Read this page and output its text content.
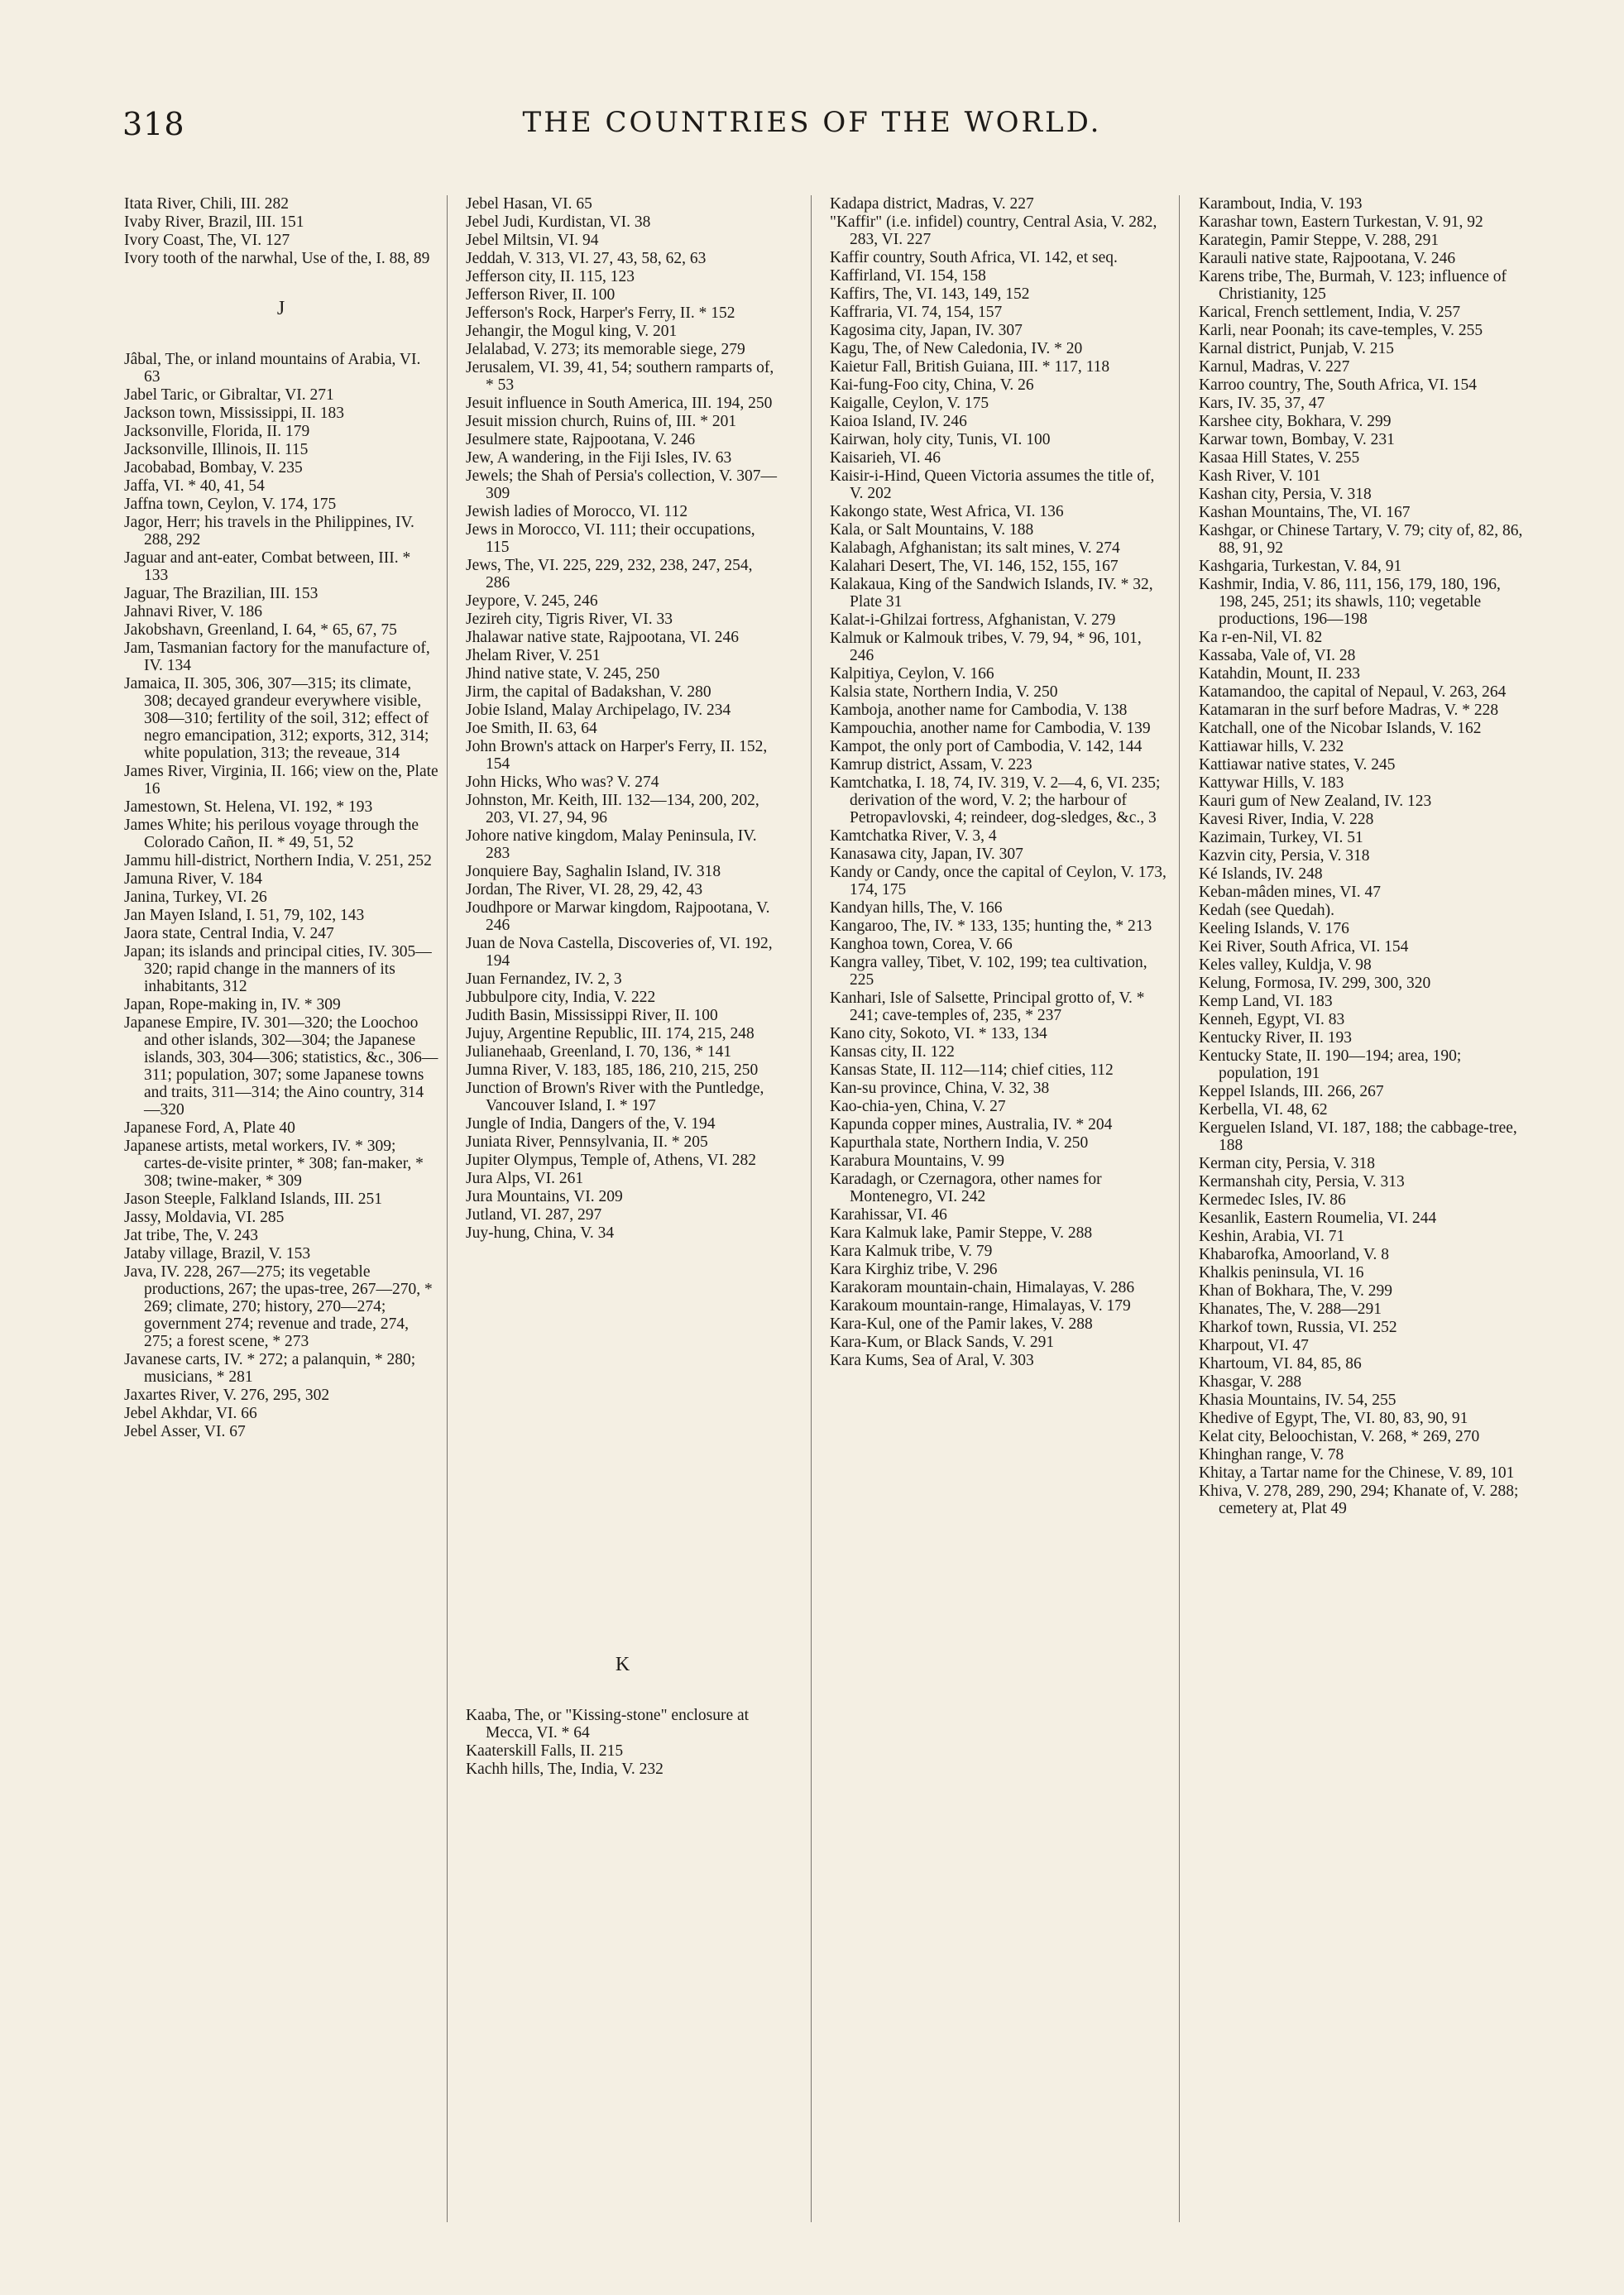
318	THE COUNTRIES OF THE WORLD.
Itata River, Chili, III. 282
Ivaby River, Brazil, III. 151
Ivory Coast, The, VI. 127
Ivory tooth of the narwhal, Use of the, I. 88, 89
J
Jâbal, The, or inland mountains of Arabia, VI. 63
Jabel Taric, or Gibraltar, VI. 271
Jackson town, Mississippi, II. 183
Jacksonville, Florida, II. 179
Jacksonville, Illinois, II. 115
Jacobabad, Bombay, V. 235
Jaffa, VI. * 40, 41, 54
Jaffna town, Ceylon, V. 174, 175
Jagor, Herr; his travels in the Philippines, IV. 288, 292
Jaguar and ant-eater, Combat between, III. * 133
Jaguar, The Brazilian, III. 153
Jahnavi River, V. 186
Jakobshavn, Greenland, I. 64, * 65, 67, 75
Jam, Tasmanian factory for the manufacture of, IV. 134
Jamaica, II. 305, 306, 307—315; its climate, 308; decayed grandeur everywhere visible, 308—310; fertility of the soil, 312; effect of negro emancipation, 312; exports, 312, 314; white population, 313; the reveaue, 314
James River, Virginia, II. 166; view on the, Plate 16
Jamestown, St. Helena, VI. 192, * 193
James White; his perilous voyage through the Colorado Cañon, II. * 49, 51, 52
Jammu hill-district, Northern India, V. 251, 252
Jamuna River, V. 184
Janina, Turkey, VI. 26
Jan Mayen Island, I. 51, 79, 102, 143
Jaora state, Central India, V. 247
Japan; its islands and principal cities, IV. 305—320; rapid change in the manners of its inhabitants, 312
Japan, Rope-making in, IV. * 309
Japanese Empire, IV. 301—320; the Loochoo and other islands, 302—304; the Japanese islands, 303, 304—306; statistics, &c., 306—311; population, 307; some Japanese towns and traits, 311—314; the Aino country, 314—320
Japanese Ford, A, Plate 40
Japanese artists, metal workers, IV. * 309; cartes-de-visite printer, * 308; fan-maker, * 308; twine-maker, * 309
Jason Steeple, Falkland Islands, III. 251
Jassy, Moldavia, VI. 285
Jat tribe, The, V. 243
Jataby village, Brazil, V. 153
Java, IV. 228, 267—275; its vegetable productions, 267; the upas-tree, 267—270, * 269; climate, 270; history, 270—274; government 274; revenue and trade, 274, 275; a forest scene, * 273
Javanese carts, IV. * 272; a palanquin, * 280; musicians, * 281
Jaxartes River, V. 276, 295, 302
Jebel Akhdar, VI. 66
Jebel Asser, VI. 67
Jebel Hasan, VI. 65
Jebel Judi, Kurdistan, VI. 38
Jebel Miltsin, VI. 94
Jeddah, V. 313, VI. 27, 43, 58, 62, 63
Jefferson city, II. 115, 123
Jefferson River, II. 100
Jefferson's Rock, Harper's Ferry, II. * 152
Jehangir, the Mogul king, V. 201
Jelalabad, V. 273; its memorable siege, 279
Jerusalem, VI. 39, 41, 54; southern ramparts of, * 53
Jesuit influence in South America, III. 194, 250
Jesuit mission church, Ruins of, III. * 201
Jesulmere state, Rajpootana, V. 246
Jew, A wandering, in the Fiji Isles, IV. 63
Jewels; the Shah of Persia's collection, V. 307—309
Jewish ladies of Morocco, VI. 112
Jews in Morocco, VI. 111; their occupations, 115
Jews, The, VI. 225, 229, 232, 238, 247, 254, 286
Jeypore, V. 245, 246
Jezireh city, Tigris River, VI. 33
Jhalawar native state, Rajpootana, VI. 246
Jhelam River, V. 251
Jhind native state, V. 245, 250
Jirm, the capital of Badakshan, V. 280
Jobie Island, Malay Archipelago, IV. 234
Joe Smith, II. 63, 64
John Brown's attack on Harper's Ferry, II. 152, 154
John Hicks, Who was? V. 274
Johnston, Mr. Keith, III. 132—134, 200, 202, 203, VI. 27, 94, 96
Johore native kingdom, Malay Peninsula, IV. 283
Jonquiere Bay, Saghalin Island, IV. 318
Jordan, The River, VI. 28, 29, 42, 43
Joudhpore or Marwar kingdom, Rajpootana, V. 246
Juan de Nova Castella, Discoveries of, VI. 192, 194
Juan Fernandez, IV. 2, 3
Jubbulpore city, India, V. 222
Judith Basin, Mississippi River, II. 100
Jujuy, Argentine Republic, III. 174, 215, 248
Julianehaab, Greenland, I. 70, 136, * 141
Jumna River, V. 183, 185, 186, 210, 215, 250
Junction of Brown's River with the Puntledge, Vancouver Island, I. * 197
Jungle of India, Dangers of the, V. 194
Juniata River, Pennsylvania, II. * 205
Jupiter Olympus, Temple of, Athens, VI. 282
Jura Alps, VI. 261
Jura Mountains, VI. 209
Jutland, VI. 287, 297
Juy-hung, China, V. 34
K
Kaaba, The, or "Kissing-stone" enclosure at Mecca, VI. * 64
Kaaterskill Falls, II. 215
Kachh hills, The, India, V. 232
Kadapa district, Madras, V. 227
"Kaffir" (i.e. infidel) country, Central Asia, V. 282, 283, VI. 227
Kaffir country, South Africa, VI. 142, et seq.
Kaffirland, VI. 154, 158
Kaffirs, The, VI. 143, 149, 152
Kaffraria, VI. 74, 154, 157
Kagosima city, Japan, IV. 307
Kagu, The, of New Caledonia, IV. * 20
Kaietur Fall, British Guiana, III. * 117, 118
Kai-fung-Foo city, China, V. 26
Kaigalle, Ceylon, V. 175
Kaioa Island, IV. 246
Kairwan, holy city, Tunis, VI. 100
Kaisarieh, VI. 46
Kaisir-i-Hind, Queen Victoria assumes the title of, V. 202
Kakongo state, West Africa, VI. 136
Kala, or Salt Mountains, V. 188
Kalabagh, Afghanistan; its salt mines, V. 274
Kalahari Desert, The, VI. 146, 152, 155, 167
Kalakaua, King of the Sandwich Islands, IV. * 32, Plate 31
Kalat-i-Ghilzai fortress, Afghanistan, V. 279
Kalmuk or Kalmouk tribes, V. 79, 94, * 96, 101, 246
Kalpitiya, Ceylon, V. 166
Kalsia state, Northern India, V. 250
Kamboja, another name for Cambodia, V. 138
Kampouchia, another name for Cambodia, V. 139
Kampot, the only port of Cambodia, V. 142, 144
Kamrup district, Assam, V. 223
Kamtchatka, I. 18, 74, IV. 319, V. 2—4, 6, VI. 235; derivation of the word, V. 2; the harbour of Petropavlovski, 4; reindeer, dog-sledges, &c., 3
Kamtchatka River, V. 3, 4
Kanasawa city, Japan, IV. 307
Kandy or Candy, once the capital of Ceylon, V. 173, 174, 175
Kandyan hills, The, V. 166
Kangaroo, The, IV. * 133, 135; hunting the, * 213
Kanghoa town, Corea, V. 66
Kangra valley, Tibet, V. 102, 199; tea cultivation, 225
Kanhari, Isle of Salsette, Principal grotto of, V. * 241; cave-temples of, 235, * 237
Kano city, Sokoto, VI. * 133, 134
Kansas city, II. 122
Kansas State, II. 112—114; chief cities, 112
Kan-su province, China, V. 32, 38
Kao-chia-yen, China, V. 27
Kapunda copper mines, Australia, IV. * 204
Kapurthala state, Northern India, V. 250
Karabura Mountains, V. 99
Karadagh, or Czernagora, other names for Montenegro, VI. 242
Karahissar, VI. 46
Kara Kalmuk lake, Pamir Steppe, V. 288
Kara Kalmuk tribe, V. 79
Kara Kirghiz tribe, V. 296
Karakoram mountain-chain, Himalayas, V. 286
Karakoum mountain-range, Himalayas, V. 179
Kara-Kul, one of the Pamir lakes, V. 288
Kara-Kum, or Black Sands, V. 291
Kara Kums, Sea of Aral, V. 303
Karambout, India, V. 193
Karashar town, Eastern Turkestan, V. 91, 92
Karategin, Pamir Steppe, V. 288, 291
Karauli native state, Rajpootana, V. 246
Karens tribe, The, Burmah, V. 123; influence of Christianity, 125
Karical, French settlement, India, V. 257
Karli, near Poonah; its cave-temples, V. 255
Karnal district, Punjab, V. 215
Karnul, Madras, V. 227
Karroo country, The, South Africa, VI. 154
Kars, IV. 35, 37, 47
Karshee city, Bokhara, V. 299
Karwar town, Bombay, V. 231
Kasaa Hill States, V. 255
Kash River, V. 101
Kashan city, Persia, V. 318
Kashan Mountains, The, VI. 167
Kashgar, or Chinese Tartary, V. 79; city of, 82, 86, 88, 91, 92
Kashgaria, Turkestan, V. 84, 91
Kashmir, India, V. 86, 111, 156, 179, 180, 196, 198, 245, 251; its shawls, 110; vegetable productions, 196—198
Ka r-en-Nil, VI. 82
Kassaba, Vale of, VI. 28
Katahdin, Mount, II. 233
Katamandoo, the capital of Nepaul, V. 263, 264
Katamaran in the surf before Madras, V. * 228
Katchall, one of the Nicobar Islands, V. 162
Kattiawar hills, V. 232
Kattiawar native states, V. 245
Kattywar Hills, V. 183
Kauri gum of New Zealand, IV. 123
Kavesi River, India, V. 228
Kazimain, Turkey, VI. 51
Kazvin city, Persia, V. 318
Ké Islands, IV. 248
Keban-mâden mines, VI. 47
Kedah (see Quedah).
Keeling Islands, V. 176
Kei River, South Africa, VI. 154
Keles valley, Kuldja, V. 98
Kelung, Formosa, IV. 299, 300, 320
Kemp Land, VI. 183
Kenneh, Egypt, VI. 83
Kentucky River, II. 193
Kentucky State, II. 190—194; area, 190; population, 191
Keppel Islands, III. 266, 267
Kerbella, VI. 48, 62
Kerguelen Island, VI. 187, 188; the cabbage-tree, 188
Kerman city, Persia, V. 318
Kermanshah city, Persia, V. 313
Kermedec Isles, IV. 86
Kesanlik, Eastern Roumelia, VI. 244
Keshin, Arabia, VI. 71
Khabarofka, Amoorland, V. 8
Khalkis peninsula, VI. 16
Khan of Bokhara, The, V. 299
Khanates, The, V. 288—291
Kharkof town, Russia, VI. 252
Kharpout, VI. 47
Khartoum, VI. 84, 85, 86
Khasgar, V. 288
Khasia Mountains, IV. 54, 255
Khedive of Egypt, The, VI. 80, 83, 90, 91
Kelat city, Beloochistan, V. 268, * 269, 270
Khinghan range, V. 78
Khitay, a Tartar name for the Chinese, V. 89, 101
Khiva, V. 278, 289, 290, 294; Khanate of, V. 288; cemetery at, Plat 49
